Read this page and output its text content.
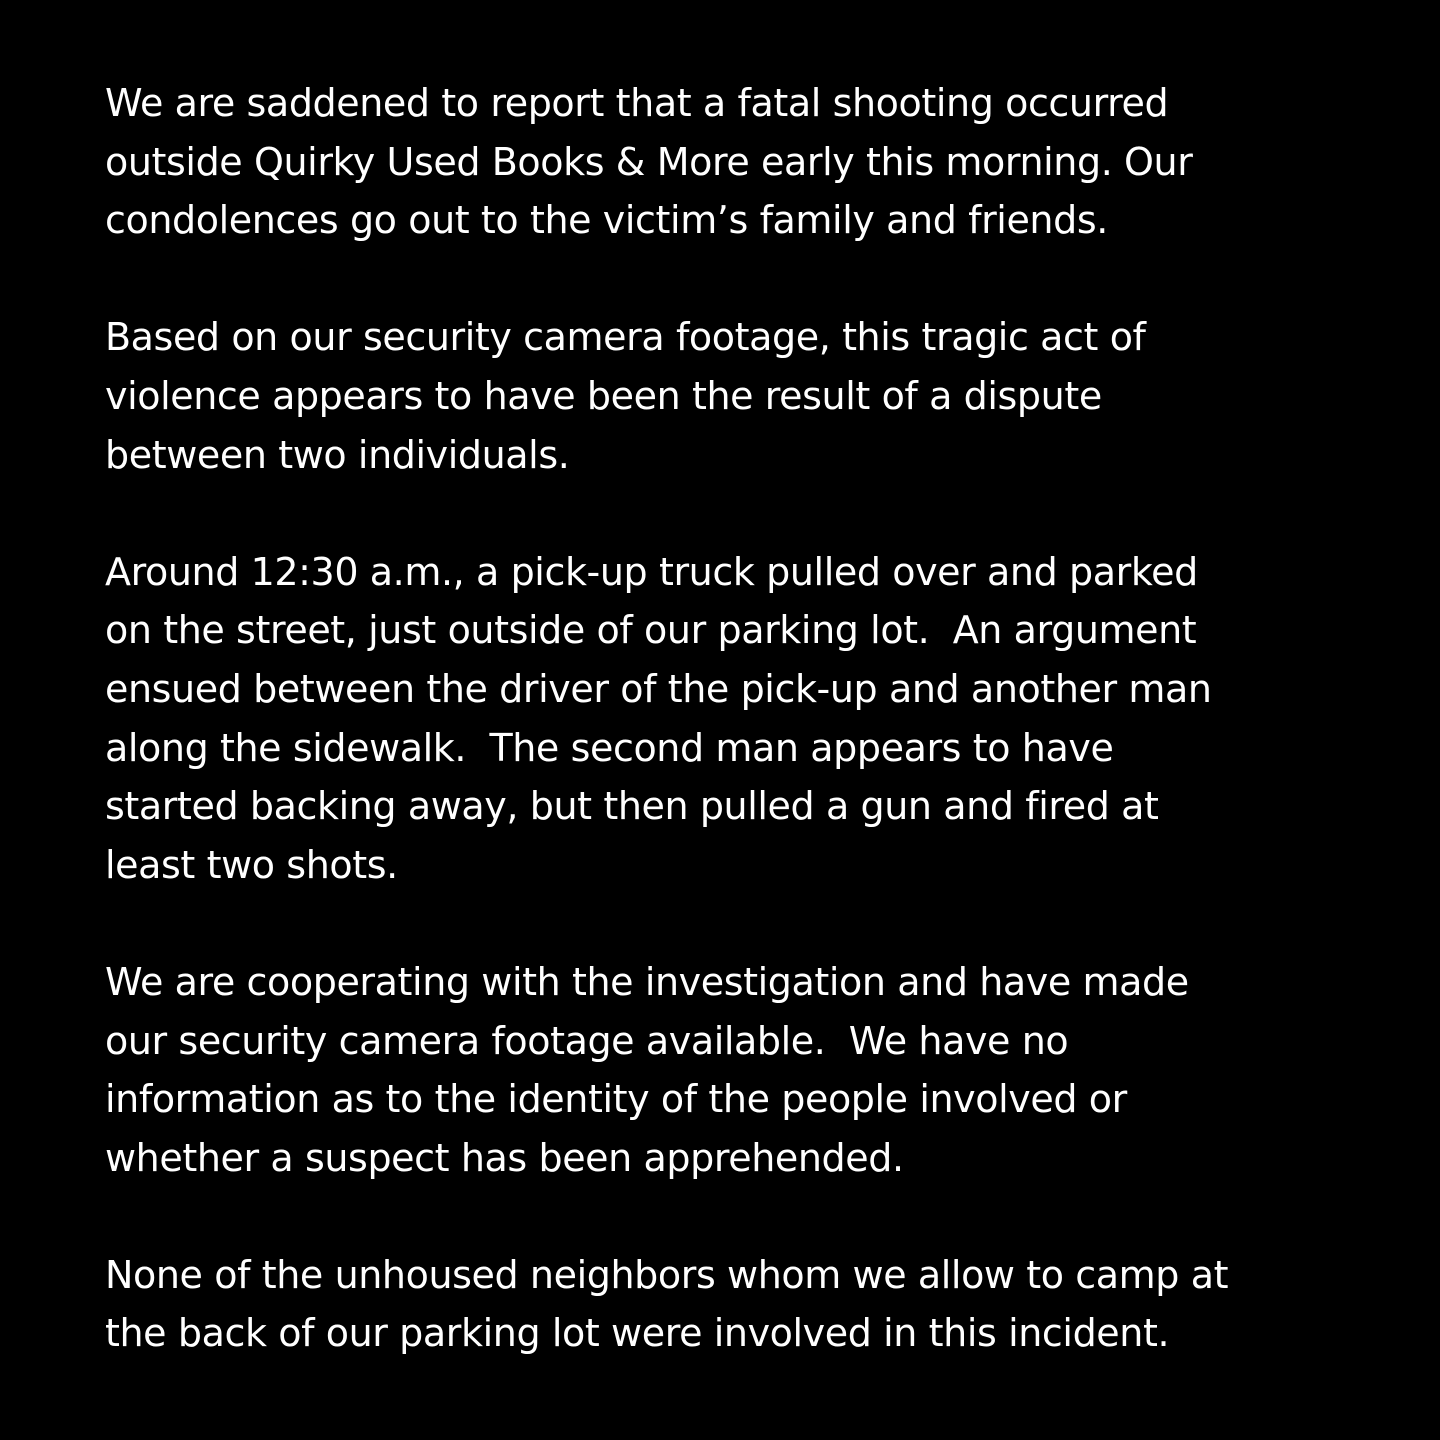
We are saddened to report that a fatal shooting occurred
outside Quirky Used Books & More early this morning. Our
condolences go out to the victim’s family and friends.

Based on our security camera footage, this tragic act of
violence appears to have been the result of a dispute
between two individuals.

Around 12:30 a.m., a pick-up truck pulled over and parked
on the street, just outside of our parking lot.  An argument
ensued between the driver of the pick-up and another man
along the sidewalk.  The second man appears to have
started backing away, but then pulled a gun and fired at
least two shots.

We are cooperating with the investigation and have made
our security camera footage available.  We have no
information as to the identity of the people involved or
whether a suspect has been apprehended.

None of the unhoused neighbors whom we allow to camp at
the back of our parking lot were involved in this incident.
